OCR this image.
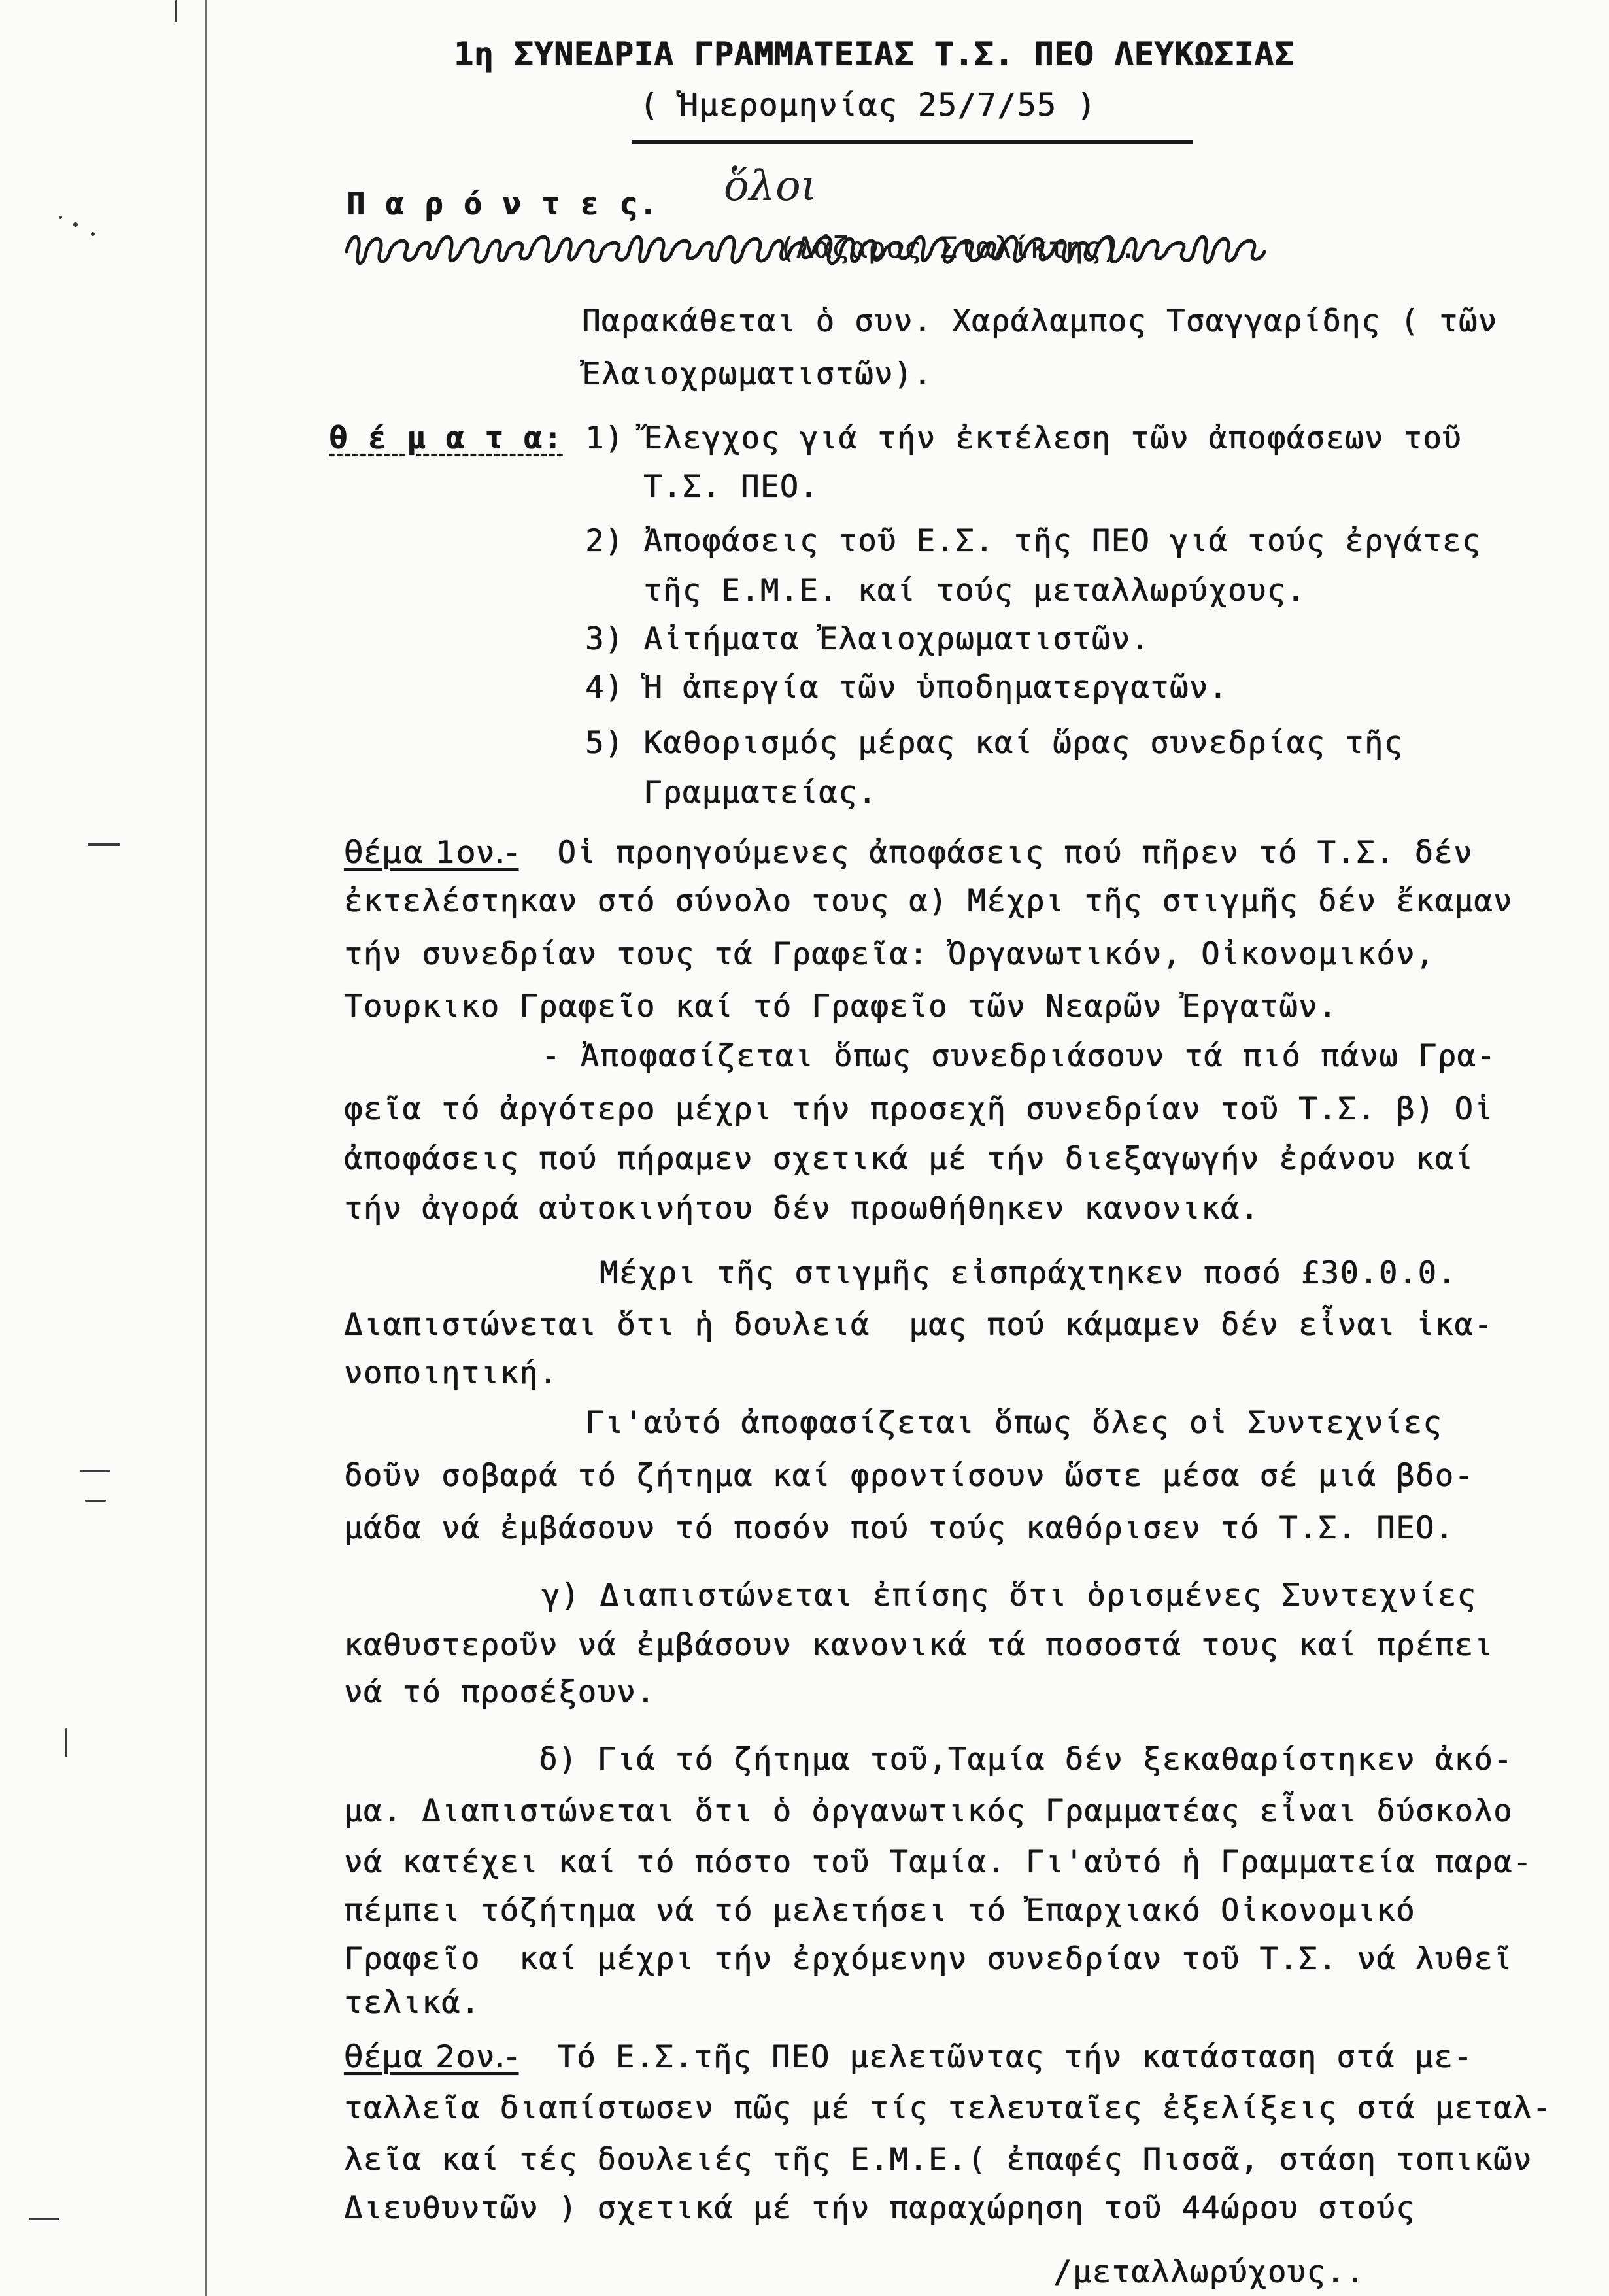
1η ΣΥΝΕΔΡΙΑ ΓΡΑΜΜΑΤΕΙΑΣ Τ.Σ. ΠΕΟ ΛΕΥΚΩΣΙΑΣ
( Ἡμερομηνίας 25/7/55 )
Π α ρ ό ν τ ε ς. ὅλοι
(Λάζαρος Σταλίκτης).
Παρακάθεται ὁ συν. Χαράλαμπος Τσαγγαρίδης ( τῶν
Ἐλαιοχρωματιστῶν).
θ έ μ α τ α: 1) Ἔλεγχος γιά τήν ἐκτέλεση τῶν ἀποφάσεων τοῦ
Τ.Σ. ΠΕΟ.
2) Ἀποφάσεις τοῦ Ε.Σ. τῆς ΠΕΟ γιά τούς ἐργάτες
τῆς Ε.Μ.Ε. καί τούς μεταλλωρύχους.
3) Αἰτήματα Ἐλαιοχρωματιστῶν.
4) Ἡ ἀπεργία τῶν ὑποδηματεργατῶν.
5) Καθορισμός μέρας καί ὥρας συνεδρίας τῆς
Γραμματείας.
θέμα 1ον.-  Οἱ προηγούμενες ἀποφάσεις πού πῆρεν τό Τ.Σ. δέν
ἐκτελέστηκαν στό σύνολο τους α) Μέχρι τῆς στιγμῆς δέν ἔκαμαν
τήν συνεδρίαν τους τά Γραφεῖα: Ὀργανωτικόν, Οἰκονομικόν,
Τουρκικο Γραφεῖο καί τό Γραφεῖο τῶν Νεαρῶν Ἐργατῶν.
- Ἀποφασίζεται ὅπως συνεδριάσουν τά πιό πάνω Γρα-
φεῖα τό ἀργότερο μέχρι τήν προσεχῆ συνεδρίαν τοῦ Τ.Σ. β) Οἱ
ἀποφάσεις πού πήραμεν σχετικά μέ τήν διεξαγωγήν ἐράνου καί
τήν ἀγορά αὐτοκινήτου δέν προωθήθηκεν κανονικά.
Μέχρι τῆς στιγμῆς εἰσπράχτηκεν ποσό £30.0.0.
Διαπιστώνεται ὅτι ἡ δουλειά  μας πού κάμαμεν δέν εἶναι ἱκα-
νοποιητική.
Γι'αὐτό ἀποφασίζεται ὅπως ὅλες οἱ Συντεχνίες
δοῦν σοβαρά τό ζήτημα καί φροντίσουν ὥστε μέσα σέ μιά βδο-
μάδα νά ἐμβάσουν τό ποσόν πού τούς καθόρισεν τό Τ.Σ. ΠΕΟ.
γ) Διαπιστώνεται ἐπίσης ὅτι ὁρισμένες Συντεχνίες
καθυστεροῦν νά ἐμβάσουν κανονικά τά ποσοστά τους καί πρέπει
νά τό προσέξουν.
δ) Γιά τό ζήτημα τοῦ,Ταμία δέν ξεκαθαρίστηκεν ἀκό-
μα. Διαπιστώνεται ὅτι ὁ ὀργανωτικός Γραμματέας εἶναι δύσκολο
νά κατέχει καί τό πόστο τοῦ Ταμία. Γι'αὐτό ἡ Γραμματεία παρα-
πέμπει τόζήτημα νά τό μελετήσει τό Ἐπαρχιακό Οἰκονομικό
Γραφεῖο  καί μέχρι τήν ἐρχόμενην συνεδρίαν τοῦ Τ.Σ. νά λυθεῖ
τελικά.
θέμα 2ον.-  Τό Ε.Σ.τῆς ΠΕΟ μελετῶντας τήν κατάσταση στά με-
ταλλεῖα διαπίστωσεν πῶς μέ τίς τελευταῖες ἐξελίξεις στά μεταλ-
λεῖα καί τές δουλειές τῆς Ε.Μ.Ε.( ἐπαφές Πισσᾶ, στάση τοπικῶν
Διευθυντῶν ) σχετικά μέ τήν παραχώρηση τοῦ 44ώρου στούς
/μεταλλωρύχους..
